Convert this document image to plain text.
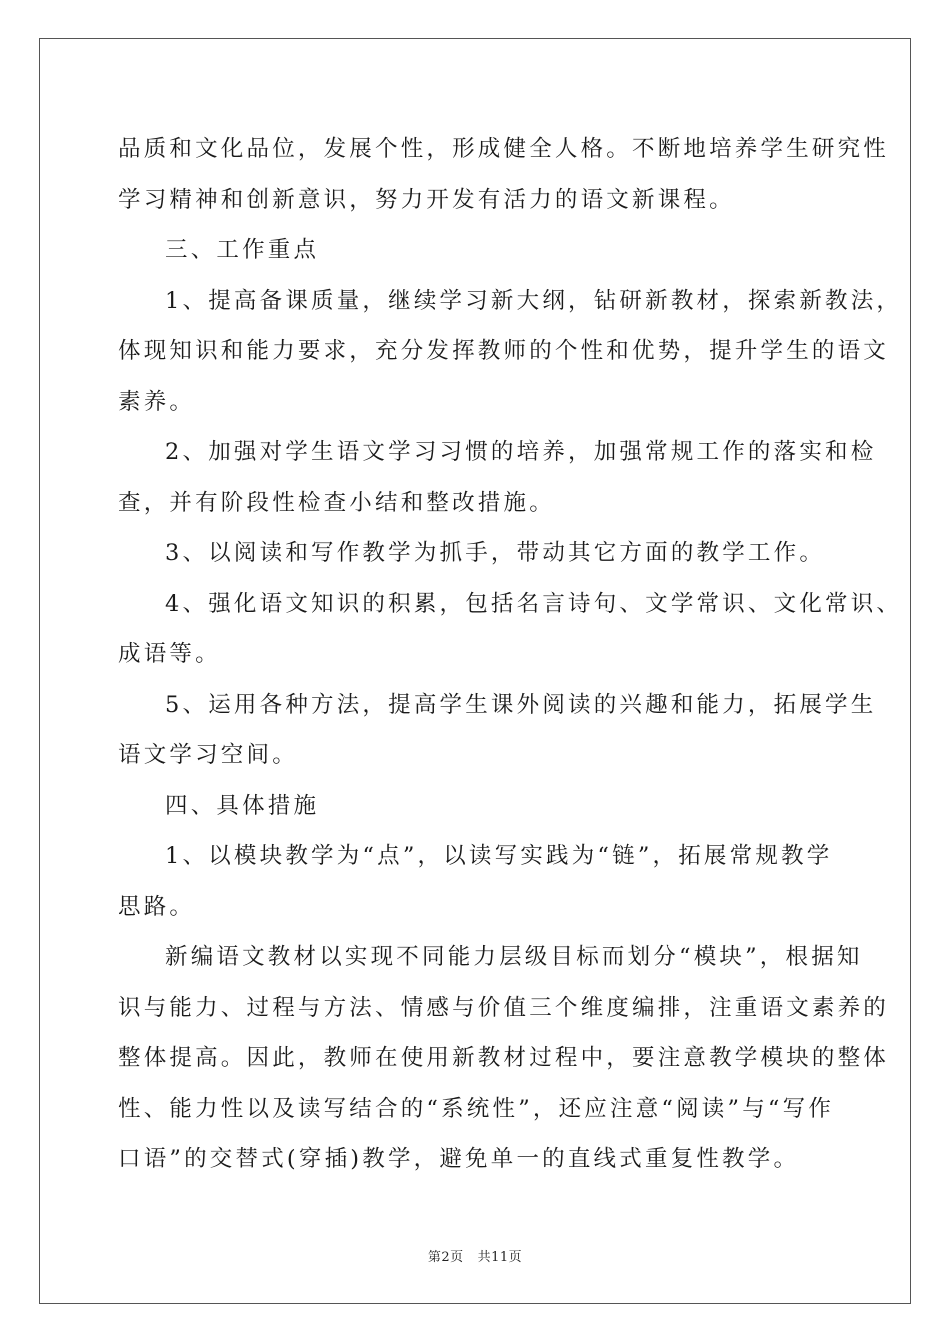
品质和文化品位，发展个性，形成健全人格。不断地培养学生研究性
学习精神和创新意识，努力开发有活力的语文新课程。
三、工作重点
1、提高备课质量，继续学习新大纲，钻研新教材，探索新教法，
体现知识和能力要求，充分发挥教师的个性和优势，提升学生的语文
素养。
2、加强对学生语文学习习惯的培养，加强常规工作的落实和检
查，并有阶段性检查小结和整改措施。
3、以阅读和写作教学为抓手，带动其它方面的教学工作。
4、强化语文知识的积累，包括名言诗句、文学常识、文化常识、
成语等。
5、运用各种方法，提高学生课外阅读的兴趣和能力，拓展学生
语文学习空间。
四、具体措施
1、以模块教学为“点”，以读写实践为“链”，拓展常规教学
思路。
新编语文教材以实现不同能力层级目标而划分“模块”，根据知
识与能力、过程与方法、情感与价值三个维度编排，注重语文素养的
整体提高。因此，教师在使用新教材过程中，要注意教学模块的整体
性、能力性以及读写结合的“系统性”，还应注意“阅读”与“写作
口语”的交替式(穿插)教学，避免单一的直线式重复性教学。
第2页 共11页
